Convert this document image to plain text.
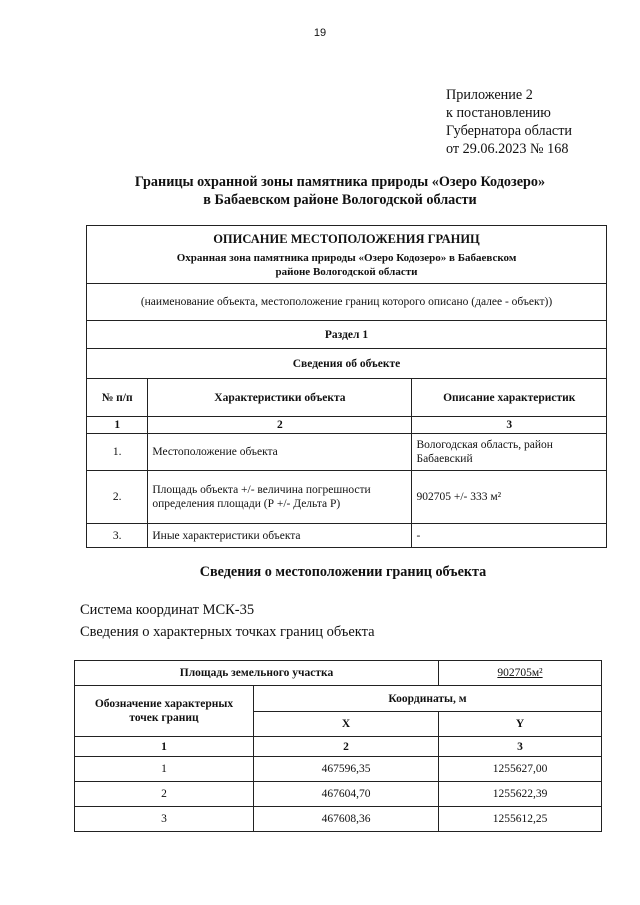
19
Приложение 2
к постановлению
Губернатора области
от 29.06.2023 № 168
Границы охранной зоны памятника природы «Озеро Кодозеро»
в Бабаевском районе Вологодской области
ОПИСАНИЕ МЕСТОПОЛОЖЕНИЯ ГРАНИЦ
Охранная зона памятника природы «Озеро Кодозеро» в Бабаевском
районе Вологодской области		

(наименование объекта, местоположение границ которого описано (далее - объект))		
Раздел 1		
Сведения об объекте		
№ п/п	Характеристики объекта	Описание характеристик
1	2	3
1.	Местоположение объекта	Вологодская область, район Бабаевский
2.	Площадь объекта +/- величина погрешности определения площади (Р +/- Дельта Р)	902705 +/- 333 м²
3.	Иные характеристики объекта	-
Сведения о местоположении границ объекта
Система координат МСК-35
Сведения о характерных точках границ объекта
Площадь земельного участка		902705м²
Обозначение характерных точек границ	Координаты, м	
	X	Y
1	2	3
1	467596,35	1255627,00
2	467604,70	1255622,39
3	467608,36	1255612,25
